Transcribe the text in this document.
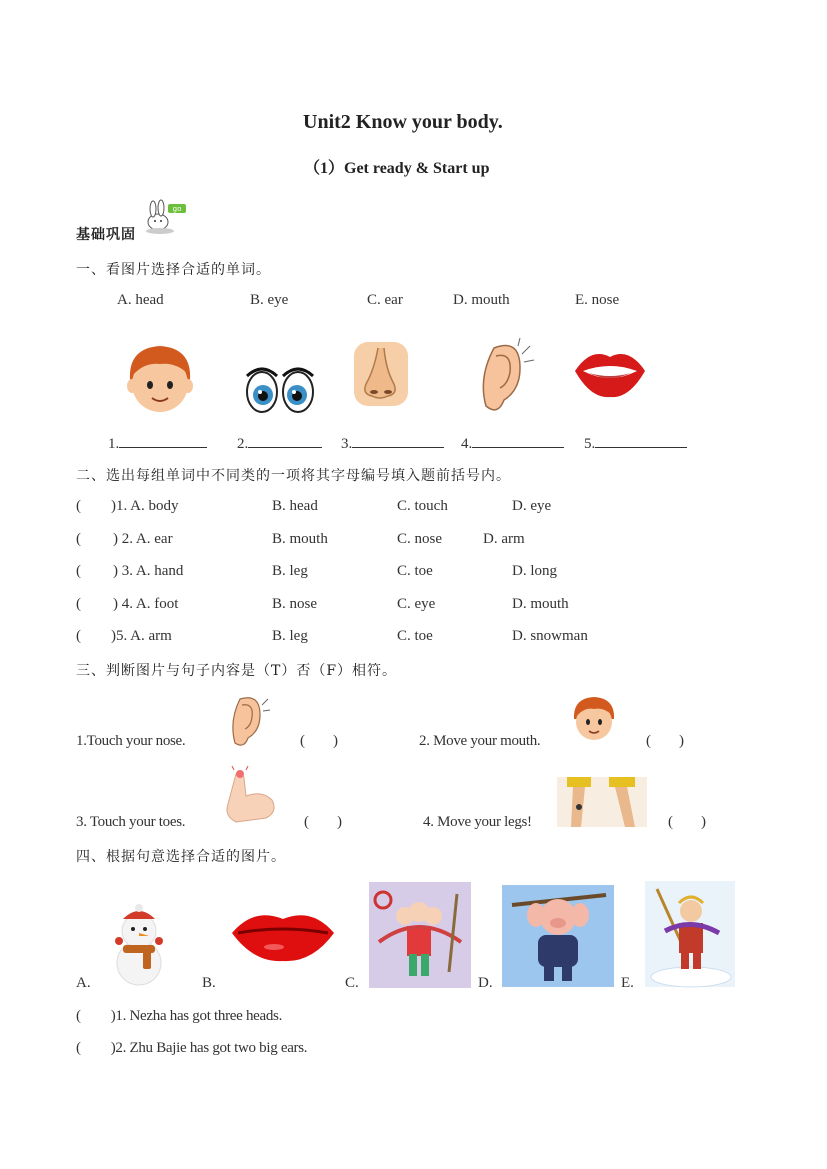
Unit2 Know your body.
（1）Get ready & Start up
基础巩固
go
一、看图片选择合适的单词。
A. head	B. eye	C. ear	D. mouth	E. nose
1.	2.	3.	4.	5.
二、选出每组单词中不同类的一项将其字母编号填入题前括号内。
( )1. A. body	B. head	C. touch	D. eye
( ) 2. A. ear	B. mouth	C. nose	D. arm
( ) 3. A. hand	B. leg	C. toe	D. long
( ) 4. A. foot	B. nose	C. eye	D. mouth
( )5. A. arm	B. leg	C. toe	D. snowman
三、判断图片与句子内容是（T）否（F）相符。
1.Touch your nose.	( )	2. Move your mouth.	( )
3. Touch your toes.	( )	4. Move your legs!	( )
四、根据句意选择合适的图片。
A.	B.	C.	D.	E.
( )1. Nezha has got three heads.
( )2. Zhu Bajie has got two big ears.
